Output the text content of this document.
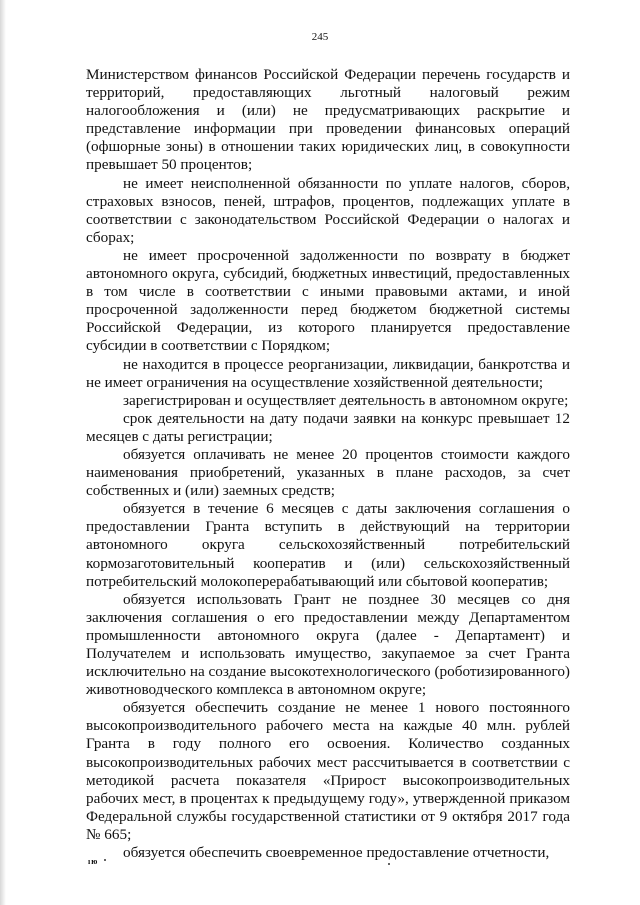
245

Министерством финансов Российской Федерации перечень государств и территорий, предоставляющих льготный налоговый режим налогообложения и (или) не предусматривающих раскрытие и представление информации при проведении финансовых операций (офшорные зоны) в отношении таких юридических лиц, в совокупности превышает 50 процентов;

не имеет неисполненной обязанности по уплате налогов, сборов, страховых взносов, пеней, штрафов, процентов, подлежащих уплате в соответствии с законодательством Российской Федерации о налогах и сборах;

не имеет просроченной задолженности по возврату в бюджет автономного округа, субсидий, бюджетных инвестиций, предоставленных в том числе в соответствии с иными правовыми актами, и иной просроченной задолженности перед бюджетом бюджетной системы Российской Федерации, из которого планируется предоставление субсидии в соответствии с Порядком;

не находится в процессе реорганизации, ликвидации, банкротства и не имеет ограничения на осуществление хозяйственной деятельности;

зарегистрирован и осуществляет деятельность в автономном округе;

срок деятельности на дату подачи заявки на конкурс превышает 12 месяцев с даты регистрации;

обязуется оплачивать не менее 20 процентов стоимости каждого наименования приобретений, указанных в плане расходов, за счет собственных и (или) заемных средств;

обязуется в течение 6 месяцев с даты заключения соглашения о предоставлении Гранта вступить в действующий на территории автономного округа сельскохозяйственный потребительский кормозаготовительный кооператив и (или) сельскохозяйственный потребительский молокоперерабатывающий или сбытовой кооператив;

обязуется использовать Грант не позднее 30 месяцев со дня заключения соглашения о его предоставлении между Департаментом промышленности автономного округа (далее - Департамент) и Получателем и использовать имущество, закупаемое за счет Гранта исключительно на создание высокотехнологического (роботизированного) животноводческого комплекса в автономном округе;

обязуется обеспечить создание не менее 1 нового постоянного высокопроизводительного рабочего места на каждые 40 млн. рублей Гранта в году полного его освоения. Количество созданных высокопроизводительных рабочих мест рассчитывается в соответствии с методикой расчета показателя «Прирост высокопроизводительных рабочих мест, в процентах к предыдущему году», утвержденной приказом Федеральной службы государственной статистики от 9 октября 2017 года № 665;

обязуется обеспечить своевременное предоставление отчетности,

ıю
